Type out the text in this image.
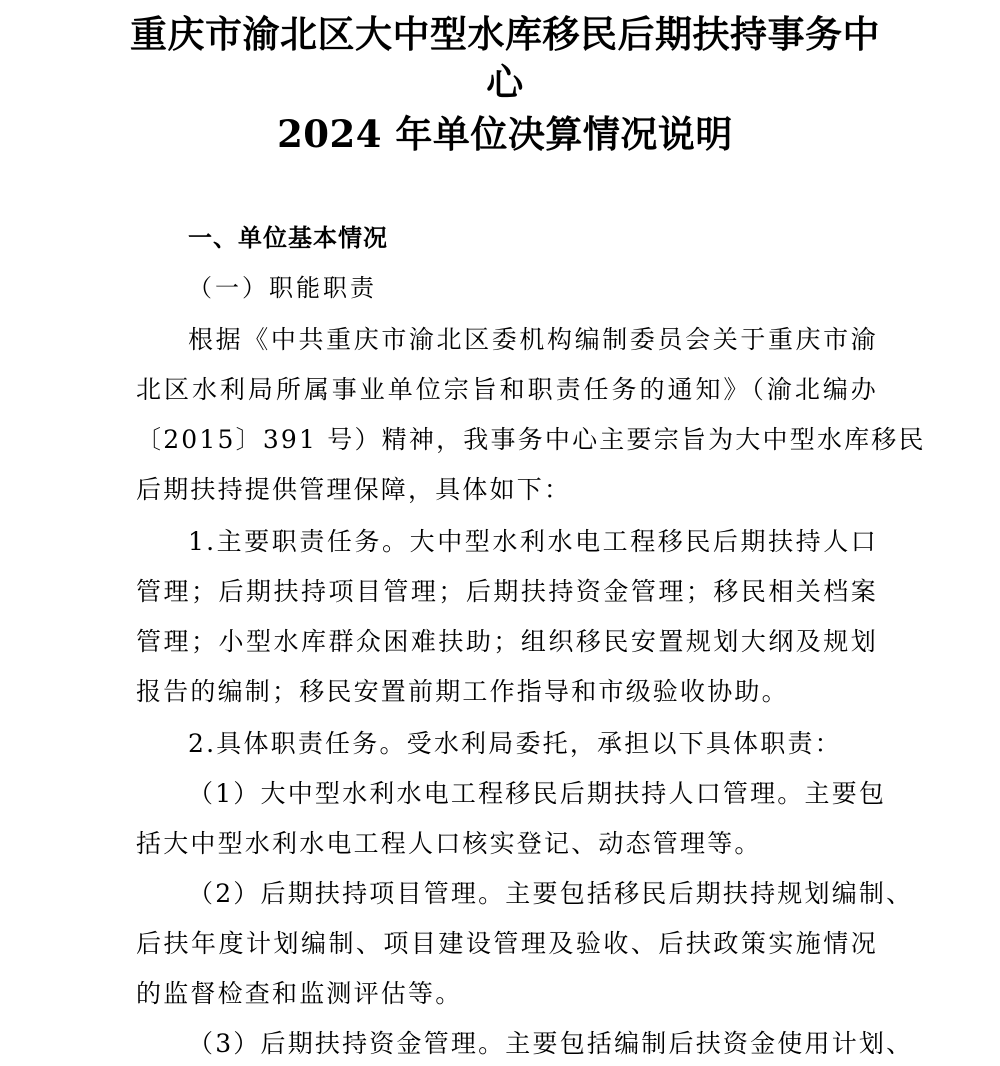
重庆市渝北区大中型水库移民后期扶持事务中
心
2024 年单位决算情况说明
一、单位基本情况
（一）职能职责
根据《中共重庆市渝北区委机构编制委员会关于重庆市渝
北区水利局所属事业单位宗旨和职责任务的通知》（渝北编办
〔2015〕391 号）精神，我事务中心主要宗旨为大中型水库移民
后期扶持提供管理保障，具体如下：
1.主要职责任务。大中型水利水电工程移民后期扶持人口
管理；后期扶持项目管理；后期扶持资金管理；移民相关档案
管理；小型水库群众困难扶助；组织移民安置规划大纲及规划
报告的编制；移民安置前期工作指导和市级验收协助。
2.具体职责任务。受水利局委托，承担以下具体职责：
（1）大中型水利水电工程移民后期扶持人口管理。主要包
括大中型水利水电工程人口核实登记、动态管理等。
（2）后期扶持项目管理。主要包括移民后期扶持规划编制、
后扶年度计划编制、项目建设管理及验收、后扶政策实施情况
的监督检查和监测评估等。
（3）后期扶持资金管理。主要包括编制后扶资金使用计划、
